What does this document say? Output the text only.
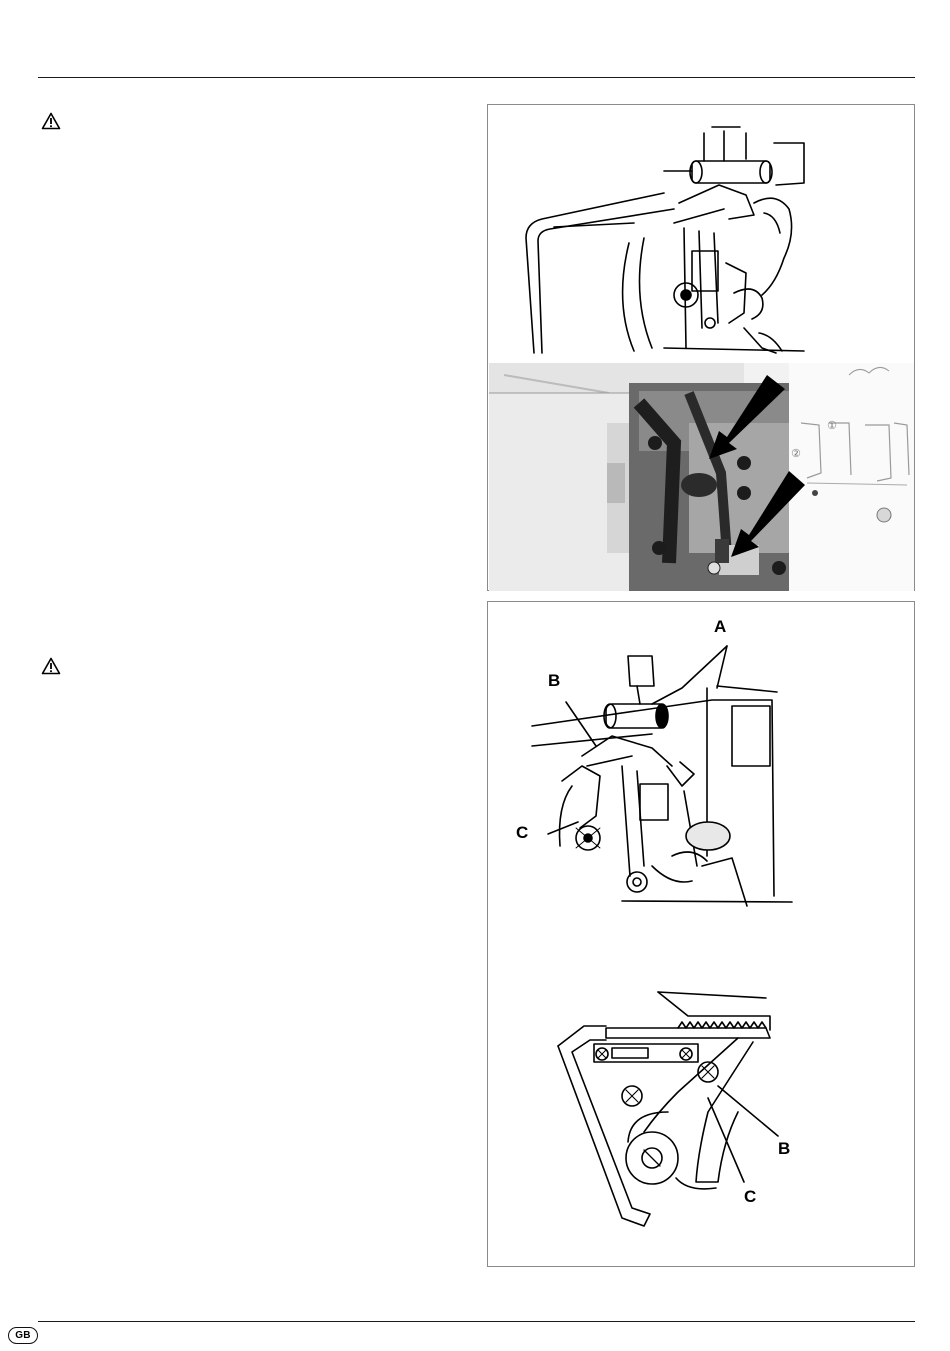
①
②
A
B
C
B
C
GB
